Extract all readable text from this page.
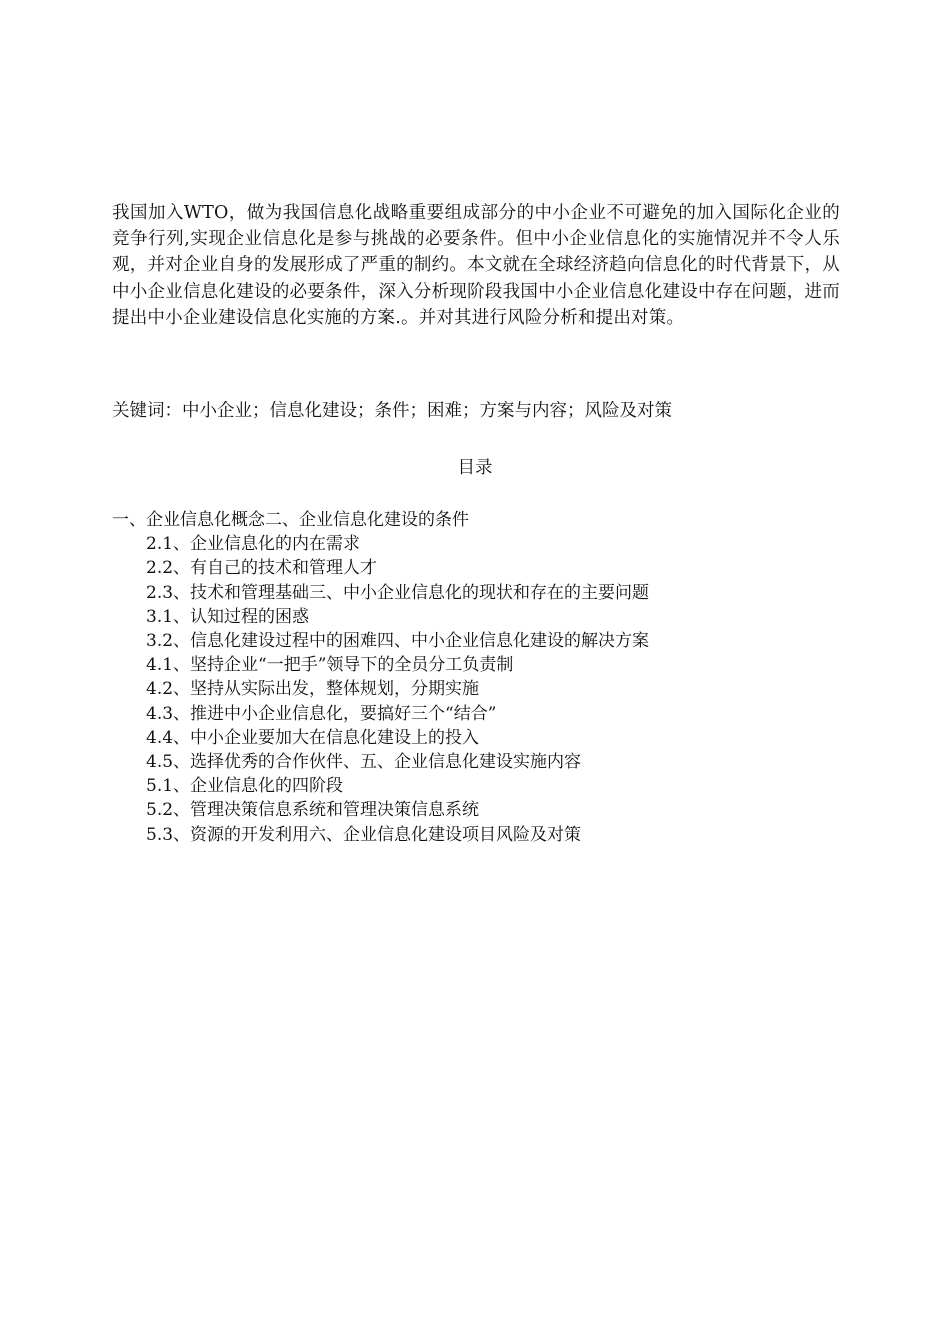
我国加入WTO，做为我国信息化战略重要组成部分的中小企业不可避免的加入国际化企业的竞争行列,实现企业信息化是参与挑战的必要条件。但中小企业信息化的实施情况并不令人乐观，并对企业自身的发展形成了严重的制约。本文就在全球经济趋向信息化的时代背景下，从中小企业信息化建设的必要条件，深入分析现阶段我国中小企业信息化建设中存在问题，进而提出中小企业建设信息化实施的方案.。并对其进行风险分析和提出对策。

关键词：中小企业；信息化建设；条件；困难；方案与内容；风险及对策

目录

一、企业信息化概念二、企业信息化建设的条件
2.1、企业信息化的内在需求
2.2、有自己的技术和管理人才
2.3、技术和管理基础三、中小企业信息化的现状和存在的主要问题
3.1、认知过程的困惑
3.2、信息化建设过程中的困难四、中小企业信息化建设的解决方案
4.1、坚持企业“一把手”领导下的全员分工负责制
4.2、坚持从实际出发，整体规划，分期实施
4.3、推进中小企业信息化，要搞好三个“结合”
4.4、中小企业要加大在信息化建设上的投入
4.5、选择优秀的合作伙伴、五、企业信息化建设实施内容
5.1、企业信息化的四阶段
5.2、管理决策信息系统和管理决策信息系统
5.3、资源的开发利用六、企业信息化建设项目风险及对策
